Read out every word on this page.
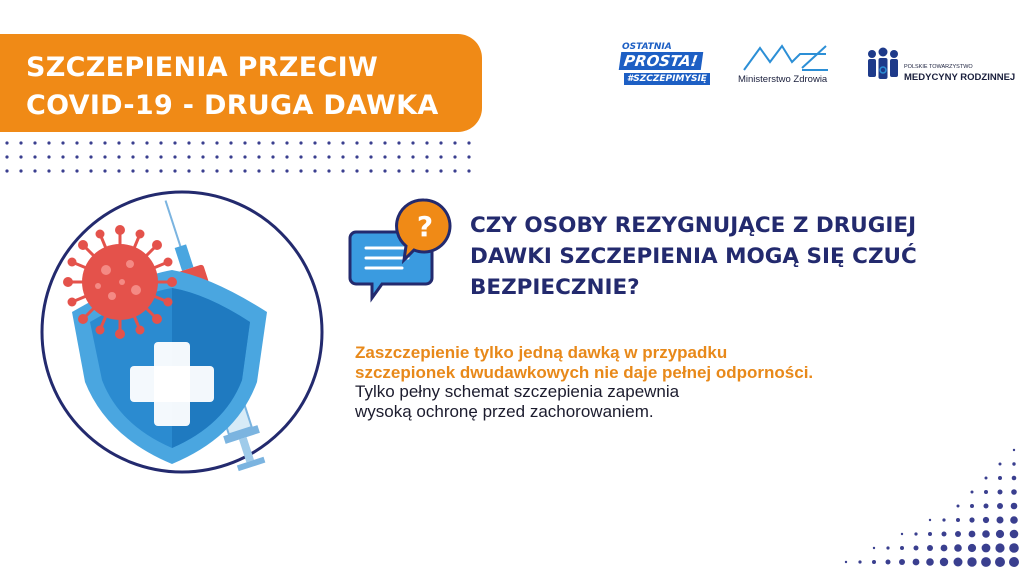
SZCZEPIENIA PRZECIW
COVID-19 - DRUGA DAWKA
OSTATNIA
PROSTA!
#SZCZEPIMYSIĘ	Ministerstwo Zdrowia
POLSKIE TOWARZYSTWO
MEDYCYNY RODZINNEJ
? CZY OSOBY REZYGNUJĄCE Z DRUGIEJ
DAWKI SZCZEPIENIA MOGĄ SIĘ CZUĆ
BEZPIECZNIE?
Zaszczepienie tylko jedną dawką w przypadku
szczepionek dwudawkowych nie daje pełnej odporności.
Tylko pełny schemat szczepienia zapewnia
wysoką ochronę przed zachorowaniem.
